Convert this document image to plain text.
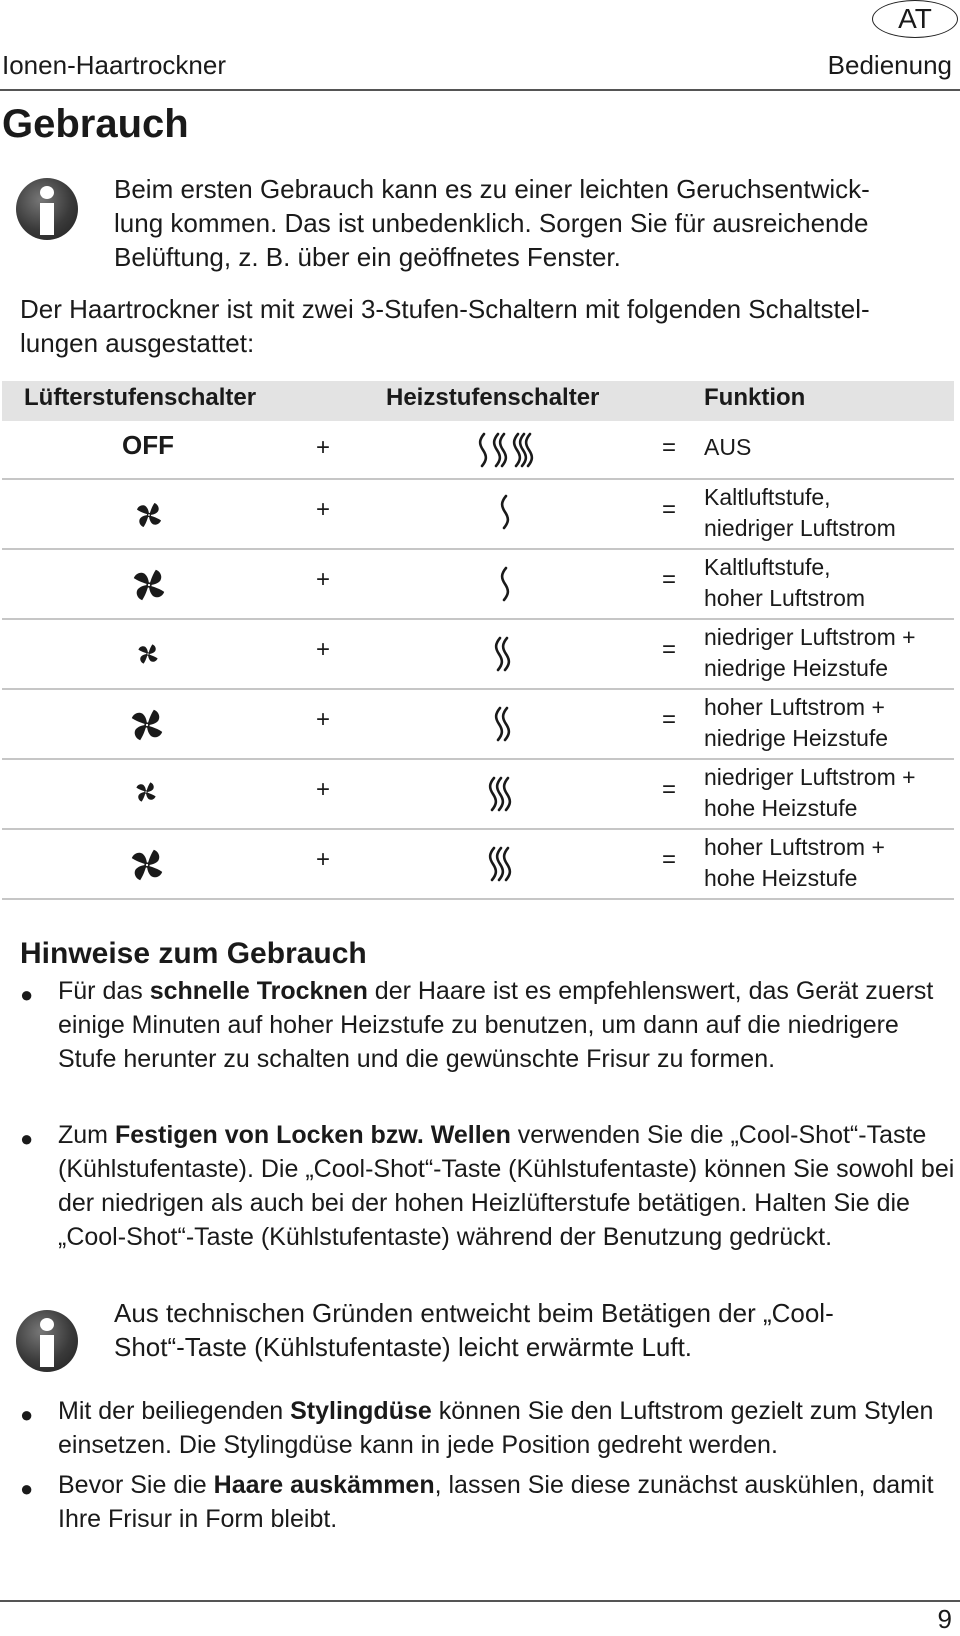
AT
Ionen-Haartrockner	Bedienung
Gebrauch
Beim ersten Gebrauch kann es zu einer leichten Geruchsentwick-
lung kommen. Das ist unbedenklich. Sorgen Sie für ausreichende
Belüftung, z. B. über ein geöffnetes Fenster.
Der Haartrockner ist mit zwei 3-Stufen-Schaltern mit folgenden Schaltstel-
lungen ausgestattet:
Lüfterstufenschalter	Heizstufenschalter	Funktion
OFF	+	= AUS
+	= Kaltluftstufe,
niedriger Luftstrom
+	= Kaltluftstufe,
hoher Luftstrom
+	= niedriger Luftstrom +
niedrige Heizstufe
+	= hoher Luftstrom +
niedrige Heizstufe
+	= niedriger Luftstrom +
hohe Heizstufe
+	= hoher Luftstrom +
hohe Heizstufe
Hinweise zum Gebrauch
● Für das schnelle Trocknen der Haare ist es empfehlenswert, das Gerät zuerst einige Minuten auf hoher Heizstufe zu benutzen, um dann auf die niedrigere Stufe herunter zu schalten und die gewünschte Frisur zu formen.
● Zum Festigen von Locken bzw. Wellen verwenden Sie die „Cool-Shot“-Taste (Kühlstufentaste). Die „Cool-Shot“-Taste (Kühlstufentaste) können Sie sowohl bei der niedrigen als auch bei der hohen Heizlüfterstufe betätigen. Halten Sie die „Cool-Shot“-Taste (Kühlstufentaste) während der Benutzung gedrückt.
Aus technischen Gründen entweicht beim Betätigen der „Cool-
Shot“-Taste (Kühlstufentaste) leicht erwärmte Luft.
● Mit der beiliegenden Stylingdüse können Sie den Luftstrom gezielt zum Stylen einsetzen. Die Stylingdüse kann in jede Position gedreht werden.
● Bevor Sie die Haare auskämmen, lassen Sie diese zunächst auskühlen, damit Ihre Frisur in Form bleibt.
9
